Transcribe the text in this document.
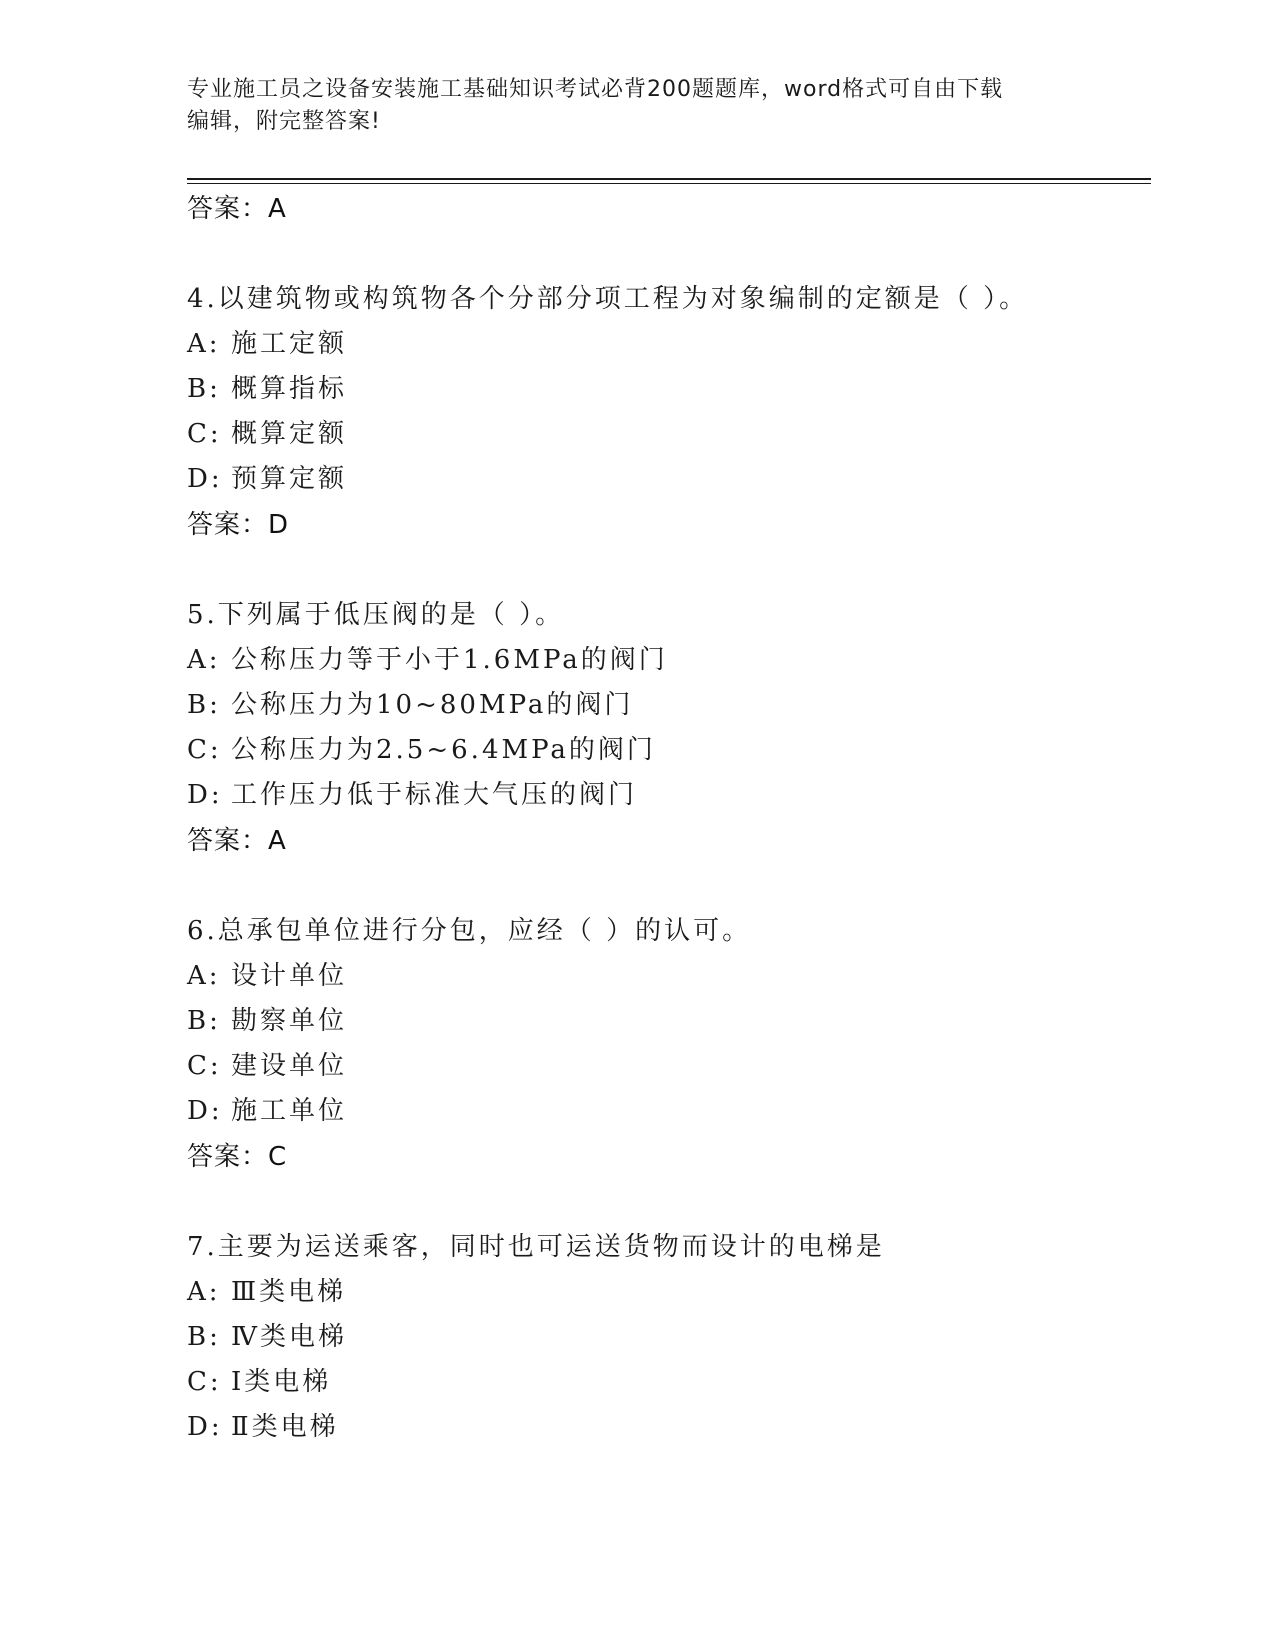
专业施工员之设备安装施工基础知识考试必背200题题库，word格式可自由下载
编辑，附完整答案!
答案：A
4.以建筑物或构筑物各个分部分项工程为对象编制的定额是（ ）。
A: 施工定额
B: 概算指标
C: 概算定额
D: 预算定额
答案：D
5.下列属于低压阀的是（ ）。
A: 公称压力等于小于1.6MPa的阀门
B: 公称压力为10~80MPa的阀门
C: 公称压力为2.5~6.4MPa的阀门
D: 工作压力低于标准大气压的阀门
答案：A
6.总承包单位进行分包，应经（ ）的认可。
A: 设计单位
B: 勘察单位
C: 建设单位
D: 施工单位
答案：C
7.主要为运送乘客，同时也可运送货物而设计的电梯是
A: Ⅲ类电梯
B: Ⅳ类电梯
C: Ⅰ类电梯
D: Ⅱ类电梯
